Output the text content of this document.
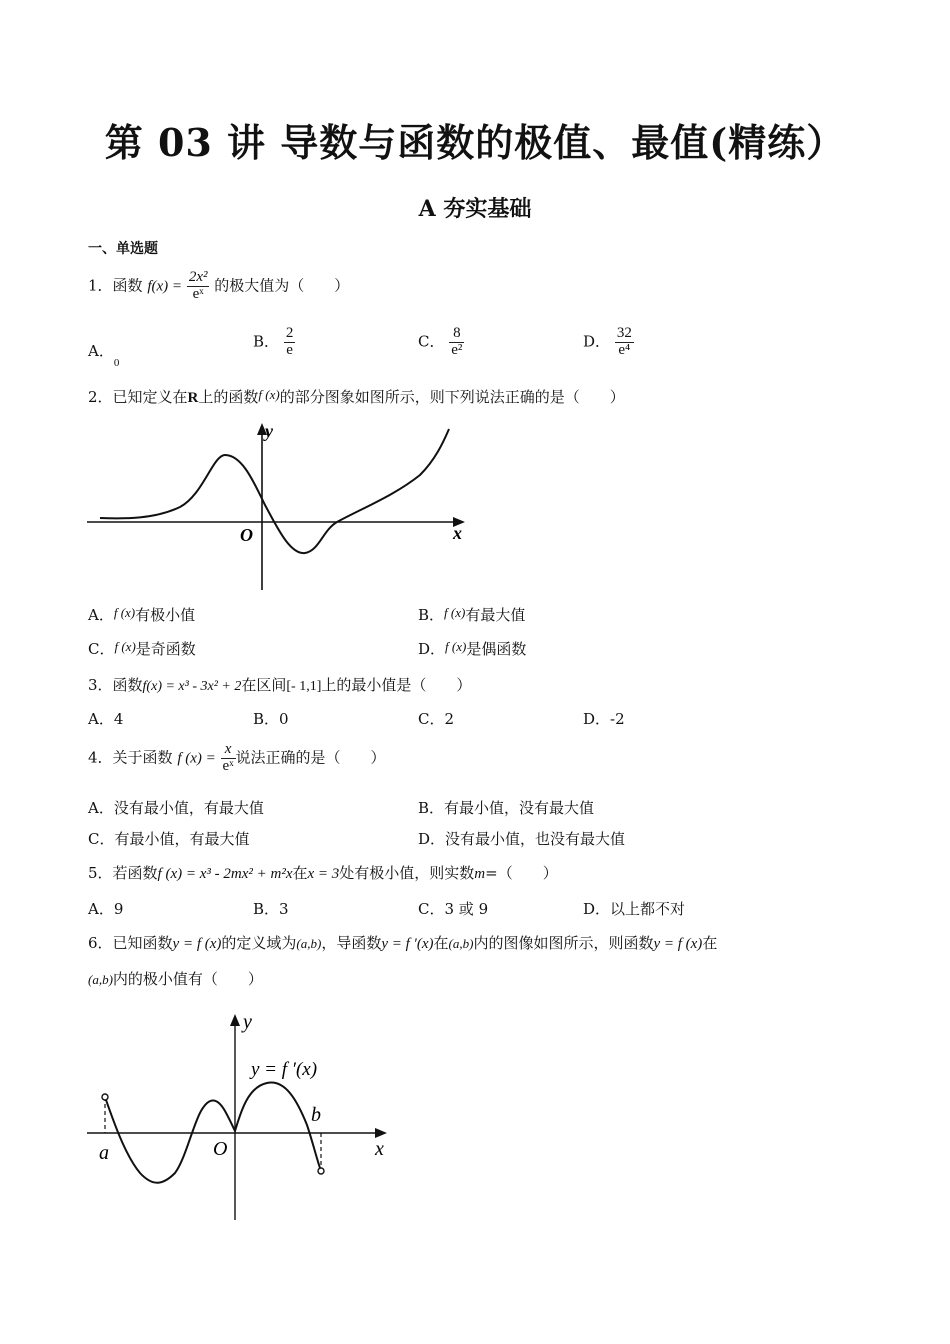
第 03 讲 导数与函数的极值、最值(精练）
A 夯实基础
一、单选题
1．函数 $f(x) = \frac{\text{2x²}}{\text{eˣ}}$ 的极大值为（　　）
A．$_0$
B． $\frac{2}{e}$	C． $\frac{8}{\text{e²}}$	D． $\frac{32}{\text{e⁴}}$
2．已知定义在R上的函数f (x)的部分图象如图所示，则下列说法正确的是（　　）
y
x
O
A．f (x)有极小值	B．f (x)有最大值
C．f (x)是奇函数	D．f (x)是偶函数
3．函数f(x) = x³ - 3x² + 2在区间[- 1,1]上的最小值是（　　）
A．4	B．0	C．2	D．-2
4．关于函数 f $(x) = \frac{x}{\text{eˣ}}$ 说法正确的是（　　）
A．没有最小值，有最大值	B．有最小值，没有最大值
C．有最小值，有最大值	D．没有最小值，也没有最大值
5．若函数f (x) = x³ - 2mx² + m²x在x = 3处有极小值，则实数m=（　　）
A．9	B．3	C．3 或 9	D．以上都不对
6．已知函数y = f (x)的定义域为(a,b)，导函数y = f ′(x)在(a,b)内的图像如图所示，则函数y = f (x)在
(a,b)内的极小值有（　　）
y
x
O
y = f ′(x)
a
b
